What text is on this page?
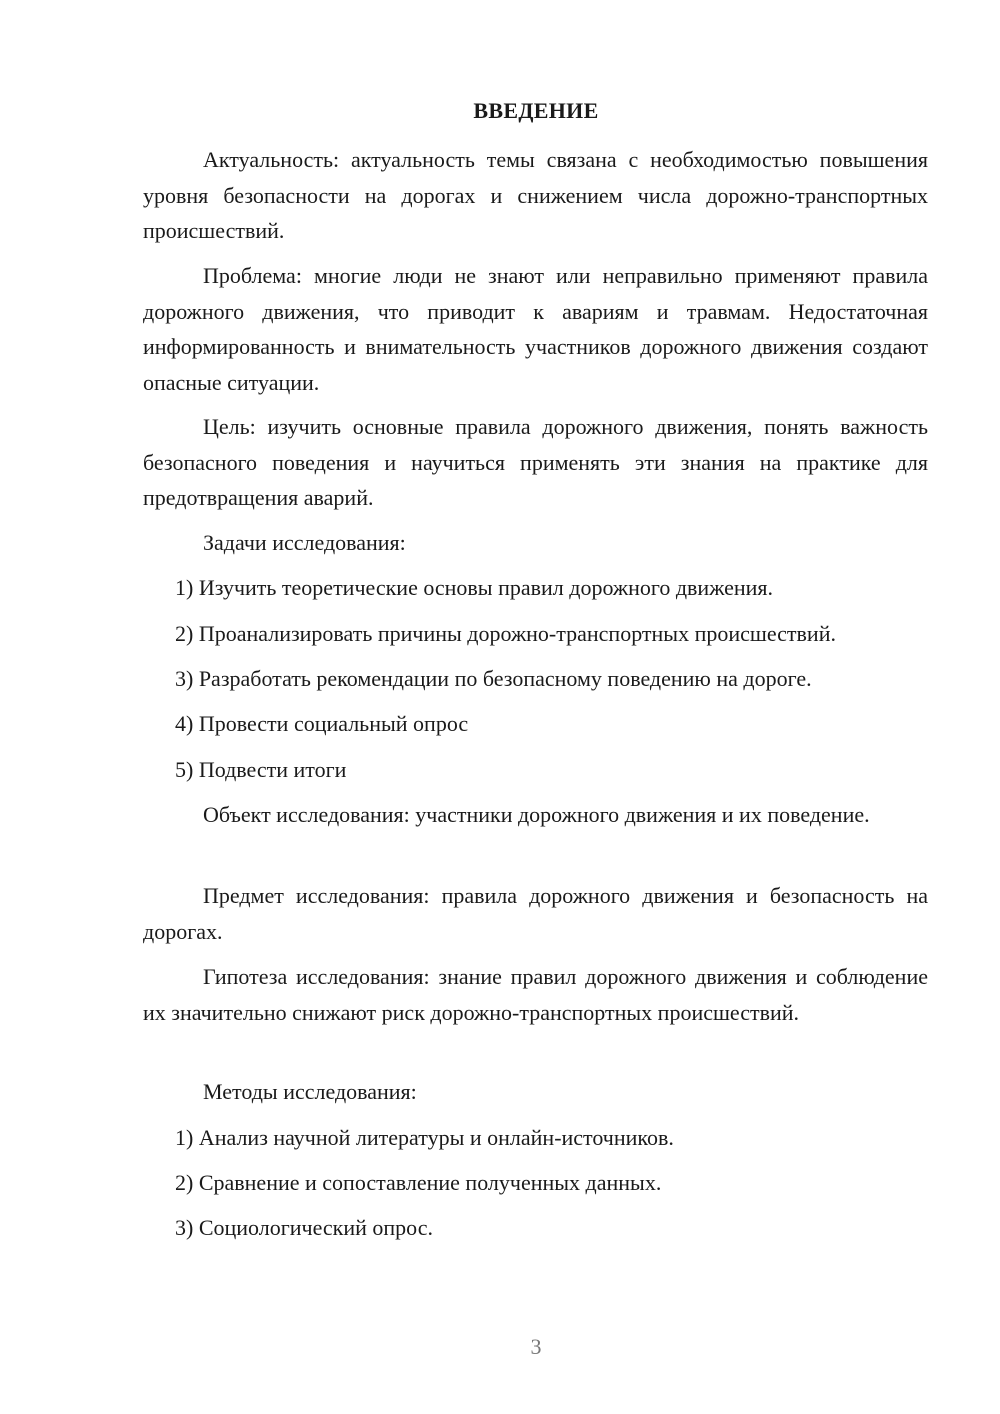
ВВЕДЕНИЕ

Актуальность: актуальность темы связана с необходимостью повышения уровня безопасности на дорогах и снижением числа дорожно-транспортных происшествий.

Проблема: многие люди не знают или неправильно применяют правила дорожного движения, что приводит к авариям и травмам. Недостаточная информированность и внимательность участников дорожного движения создают опасные ситуации.

Цель: изучить основные правила дорожного движения, понять важность безопасного поведения и научиться применять эти знания на практике для предотвращения аварий.

Задачи исследования:
1) Изучить теоретические основы правил дорожного движения.
2) Проанализировать причины дорожно-транспортных происшествий.
3) Разработать рекомендации по безопасному поведению на дороге.
4) Провести социальный опрос
5) Подвести итоги

Объект исследования: участники дорожного движения и их поведение.

Предмет исследования: правила дорожного движения и безопасность на дорогах.

Гипотеза исследования: знание правил дорожного движения и соблюдение их значительно снижают риск дорожно-транспортных происшествий.

Методы исследования:
1) Анализ научной литературы и онлайн-источников.
2) Сравнение и сопоставление полученных данных.
3) Социологический опрос.
3
